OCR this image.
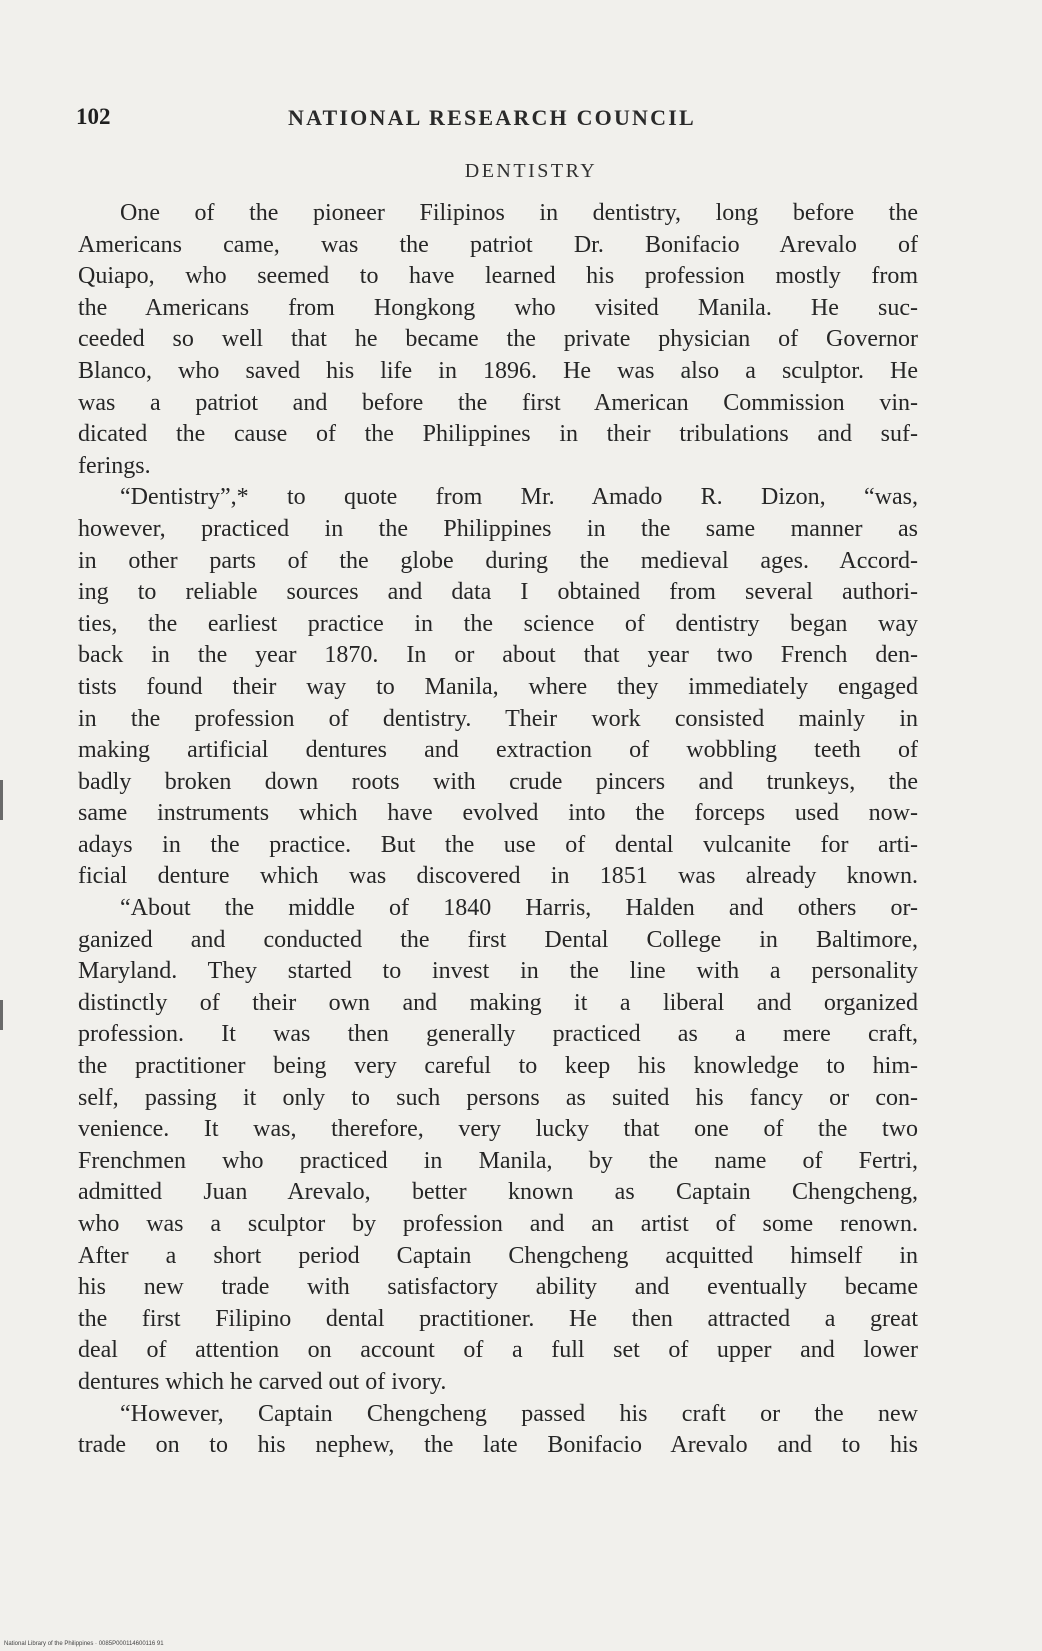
102	NATIONAL RESEARCH COUNCIL
DENTISTRY
One of the pioneer Filipinos in dentistry, long before the
Americans came, was the patriot Dr. Bonifacio Arevalo of
Quiapo, who seemed to have learned his profession mostly from
the Americans from Hongkong who visited Manila. He suc-
ceeded so well that he became the private physician of Governor
Blanco, who saved his life in 1896. He was also a sculptor. He
was a patriot and before the first American Commission vin-
dicated the cause of the Philippines in their tribulations and suf-
ferings.
“Dentistry”,* to quote from Mr. Amado R. Dizon, “was,
however, practiced in the Philippines in the same manner as
in other parts of the globe during the medieval ages. Accord-
ing to reliable sources and data I obtained from several authori-
ties, the earliest practice in the science of dentistry began way
back in the year 1870. In or about that year two French den-
tists found their way to Manila, where they immediately engaged
in the profession of dentistry. Their work consisted mainly in
making artificial dentures and extraction of wobbling teeth of
badly broken down roots with crude pincers and trunkeys, the
same instruments which have evolved into the forceps used now-
adays in the practice. But the use of dental vulcanite for arti-
ficial denture which was discovered in 1851 was already known.
“About the middle of 1840 Harris, Halden and others or-
ganized and conducted the first Dental College in Baltimore,
Maryland. They started to invest in the line with a personality
distinctly of their own and making it a liberal and organized
profession. It was then generally practiced as a mere craft,
the practitioner being very careful to keep his knowledge to him-
self, passing it only to such persons as suited his fancy or con-
venience. It was, therefore, very lucky that one of the two
Frenchmen who practiced in Manila, by the name of Fertri,
admitted Juan Arevalo, better known as Captain Chengcheng,
who was a sculptor by profession and an artist of some renown.
After a short period Captain Chengcheng acquitted himself in
his new trade with satisfactory ability and eventually became
the first Filipino dental practitioner. He then attracted a great
deal of attention on account of a full set of upper and lower
dentures which he carved out of ivory.
“However, Captain Chengcheng passed his craft or the new
trade on to his nephew, the late Bonifacio Arevalo and to his
National Library of the Philippines · 0085P000114600116 91
